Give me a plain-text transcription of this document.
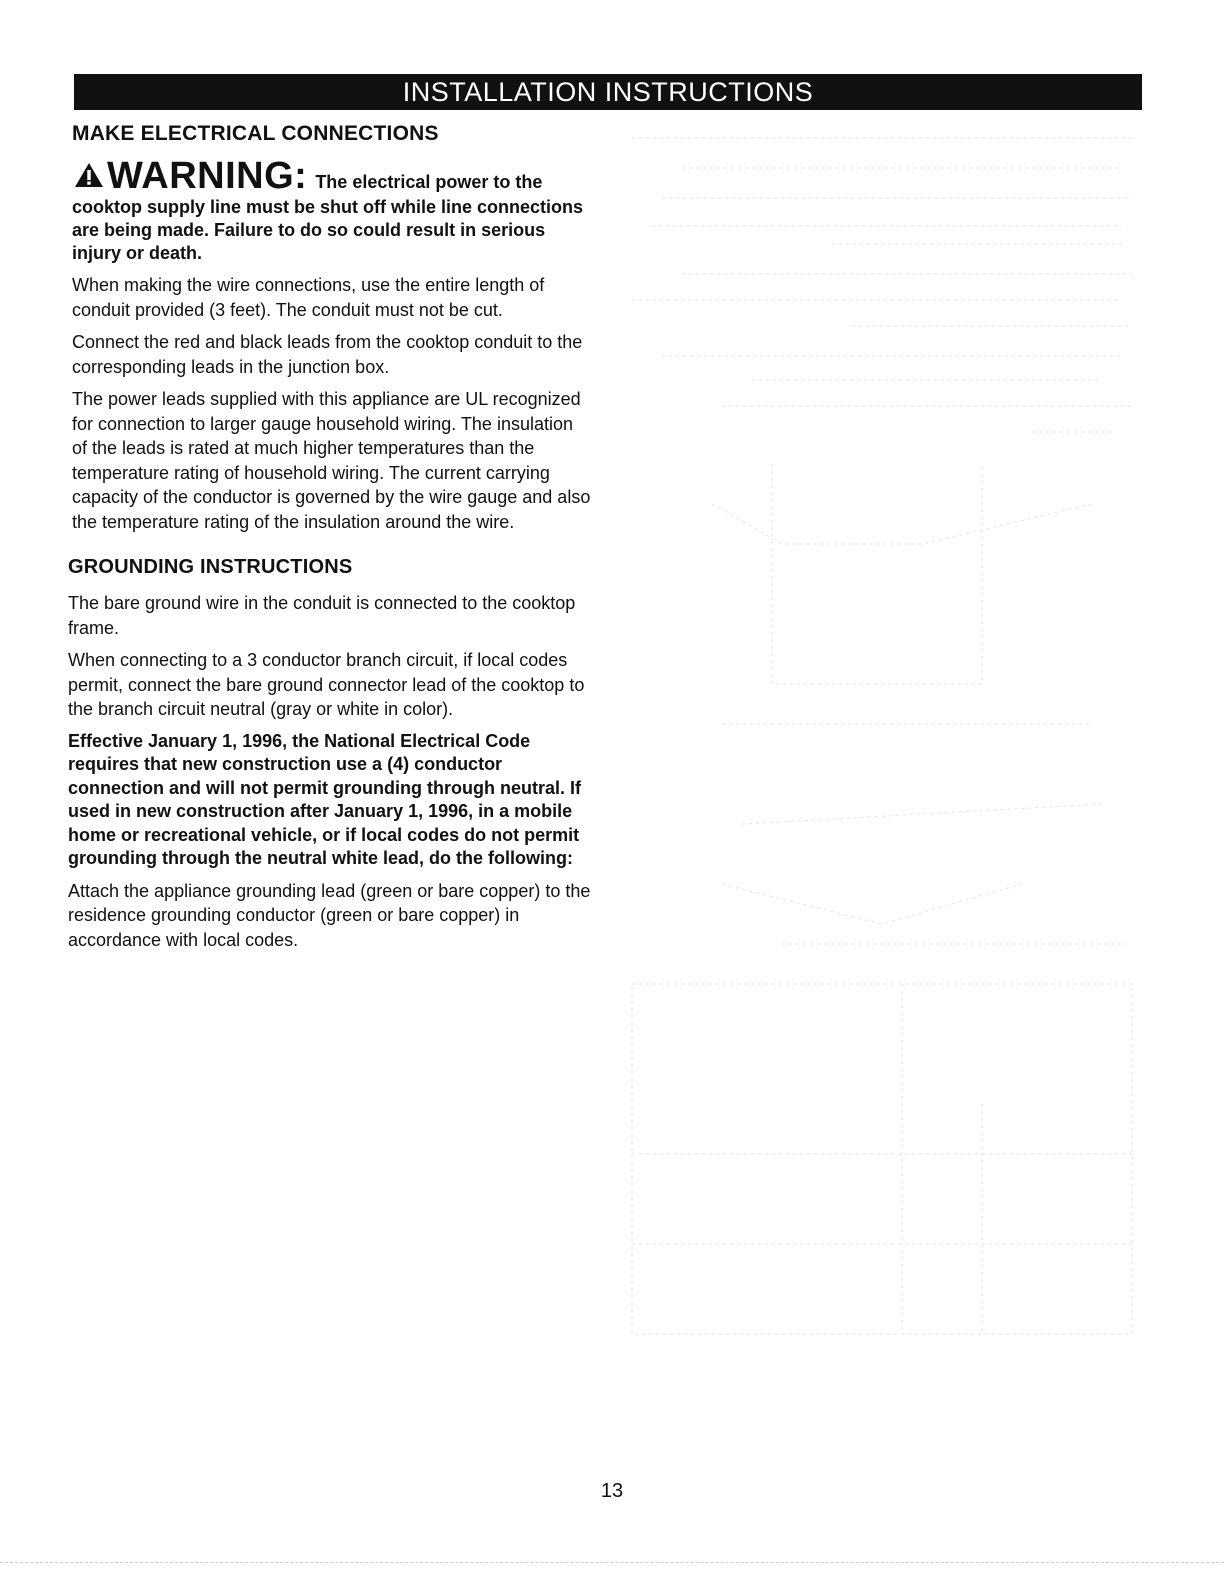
INSTALLATION INSTRUCTIONS
MAKE ELECTRICAL CONNECTIONS
WARNING: The electrical power to the
cooktop supply line must be shut off while line connections are being made. Failure to do so could result in serious injury or death.

When making the wire connections, use the entire length of conduit provided (3 feet). The conduit must not be cut.

Connect the red and black leads from the cooktop conduit to the corresponding leads in the junction box.

The power leads supplied with this appliance are UL recognized for connection to larger gauge household wiring. The insulation of the leads is rated at much higher temperatures than the temperature rating of household wiring. The current carrying capacity of the conductor is governed by the wire gauge and also the temperature rating of the insulation around the wire.

GROUNDING INSTRUCTIONS

The bare ground wire in the conduit is connected to the cooktop frame.

When connecting to a 3 conductor branch circuit, if local codes permit, connect the bare ground connector lead of the cooktop to the branch circuit neutral (gray or white in color).

Effective January 1, 1996, the National Electrical Code requires that new construction use a (4) conductor connection and will not permit grounding through neutral. If used in new construction after January 1, 1996, in a mobile home or recreational vehicle, or if local codes do not permit grounding through the neutral white lead, do the following:

Attach the appliance grounding lead (green or bare copper) to the residence grounding conductor (green or bare copper) in accordance with local codes.

13
